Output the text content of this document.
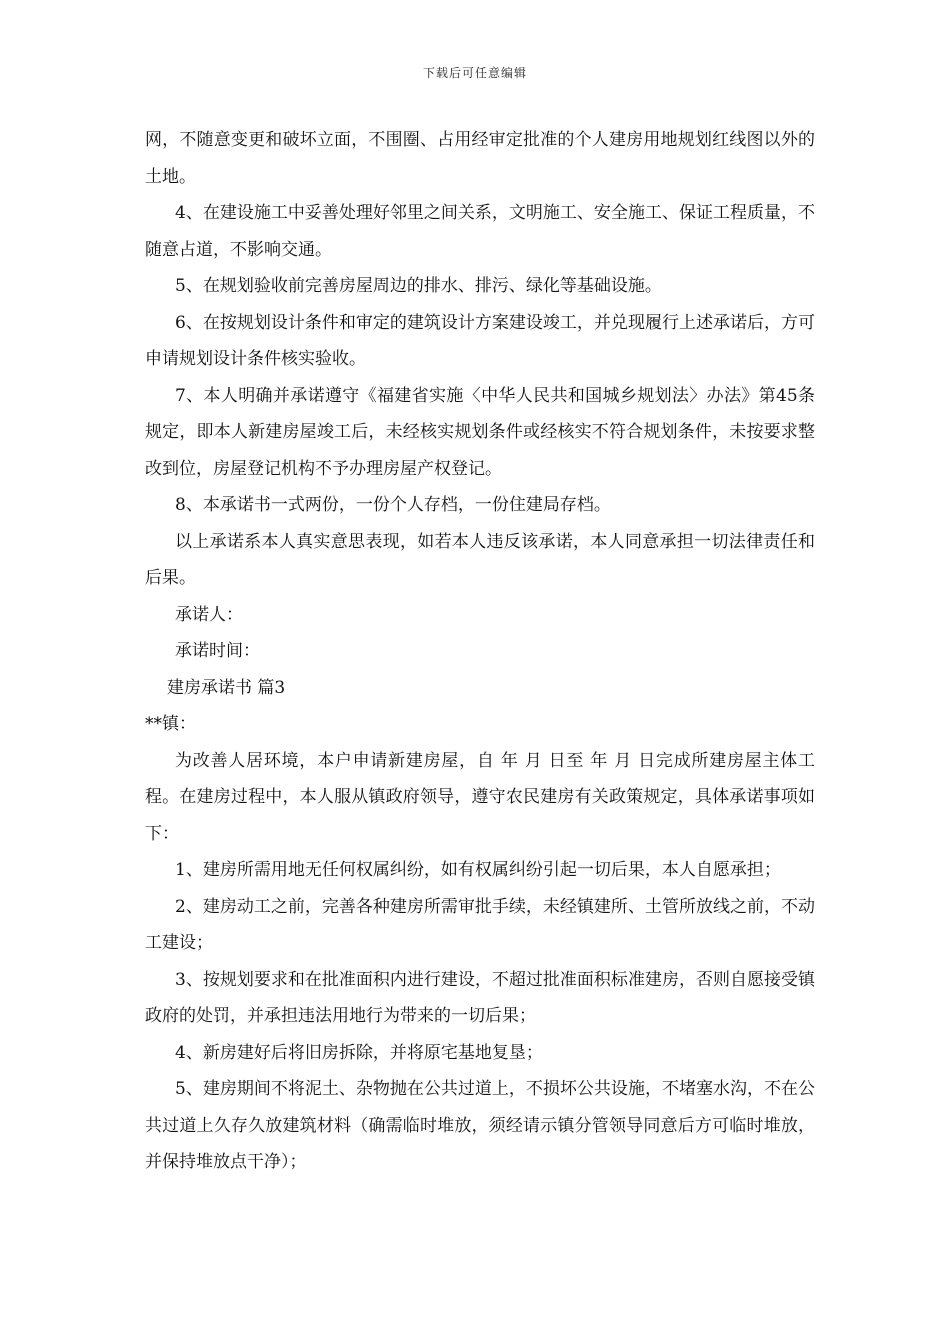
下载后可任意编辑

网，不随意变更和破坏立面，不围圈、占用经审定批准的个人建房用地规划红线图以外的土地。

4、在建设施工中妥善处理好邻里之间关系，文明施工、安全施工、保证工程质量，不随意占道，不影响交通。

5、在规划验收前完善房屋周边的排水、排污、绿化等基础设施。

6、在按规划设计条件和审定的建筑设计方案建设竣工，并兑现履行上述承诺后，方可申请规划设计条件核实验收。

7、本人明确并承诺遵守《福建省实施〈中华人民共和国城乡规划法〉办法》第45条规定，即本人新建房屋竣工后，未经核实规划条件或经核实不符合规划条件，未按要求整改到位，房屋登记机构不予办理房屋产权登记。

8、本承诺书一式两份，一份个人存档，一份住建局存档。

以上承诺系本人真实意思表现，如若本人违反该承诺，本人同意承担一切法律责任和后果。

承诺人：

承诺时间：

建房承诺书 篇3

**镇：

为改善人居环境，本户申请新建房屋，自 年 月 日至 年 月 日完成所建房屋主体工程。在建房过程中，本人服从镇政府领导，遵守农民建房有关政策规定，具体承诺事项如下：

1、建房所需用地无任何权属纠纷，如有权属纠纷引起一切后果，本人自愿承担；

2、建房动工之前，完善各种建房所需审批手续，未经镇建所、土管所放线之前，不动工建设；

3、按规划要求和在批准面积内进行建设，不超过批准面积标准建房，否则自愿接受镇政府的处罚，并承担违法用地行为带来的一切后果；

4、新房建好后将旧房拆除，并将原宅基地复垦；

5、建房期间不将泥土、杂物抛在公共过道上，不损坏公共设施，不堵塞水沟，不在公共过道上久存久放建筑材料（确需临时堆放，须经请示镇分管领导同意后方可临时堆放，并保持堆放点干净）；
